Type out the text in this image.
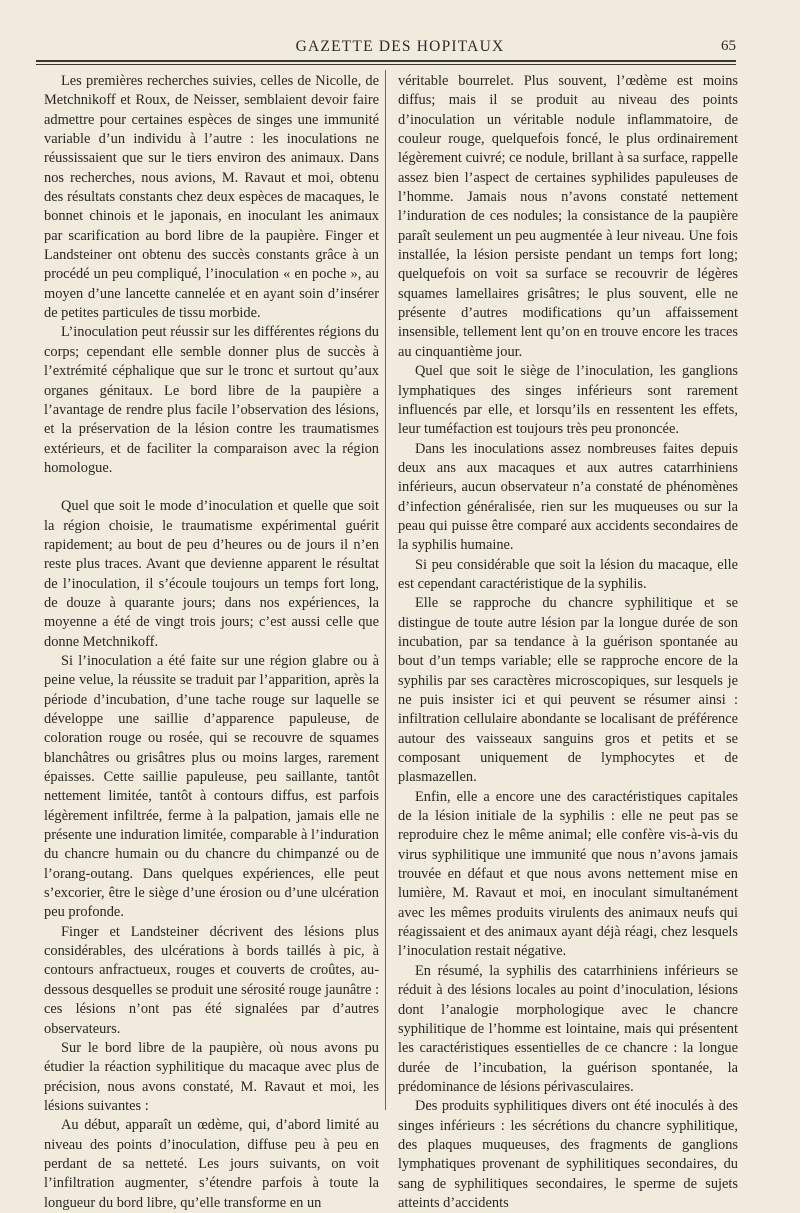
GAZETTE DES HOPITAUX	65

Les premières recherches suivies, celles de Nicolle, de Metchnikoff et Roux, de Neisser, semblaient devoir faire admettre pour certaines espèces de singes une immunité variable d’un individu à l’autre : les inoculations ne réussissaient que sur le tiers environ des animaux. Dans nos recherches, nous avions, M. Ravaut et moi, obtenu des résultats constants chez deux espèces de macaques, le bonnet chinois et le japonais, en inoculant les animaux par scarification au bord libre de la paupière. Finger et Landsteiner ont obtenu des succès constants grâce à un procédé un peu compliqué, l’inoculation « en poche », au moyen d’une lancette cannelée et en ayant soin d’insérer de petites particules de tissu morbide.

L’inoculation peut réussir sur les différentes régions du corps; cependant elle semble donner plus de succès à l’extrémité céphalique que sur le tronc et surtout qu’aux organes génitaux. Le bord libre de la paupière a l’avantage de rendre plus facile l’observation des lésions, et la préservation de la lésion contre les traumatismes extérieurs, et de faciliter la comparaison avec la région homologue.

Quel que soit le mode d’inoculation et quelle que soit la région choisie, le traumatisme expérimental guérit rapidement; au bout de peu d’heures ou de jours il n’en reste plus traces. Avant que devienne apparent le résultat de l’inoculation, il s’écoule toujours un temps fort long, de douze à quarante jours; dans nos expériences, la moyenne a été de vingt trois jours; c’est aussi celle que donne Metchnikoff.

Si l’inoculation a été faite sur une région glabre ou à peine velue, la réussite se traduit par l’apparition, après la période d’incubation, d’une tache rouge sur laquelle se développe une saillie d’apparence papuleuse, de coloration rouge ou rosée, qui se recouvre de squames blanchâtres ou grisâtres plus ou moins larges, rarement épaisses. Cette saillie papuleuse, peu saillante, tantôt nettement limitée, tantôt à contours diffus, est parfois légèrement infiltrée, ferme à la palpation, jamais elle ne présente une induration limitée, comparable à l’induration du chancre humain ou du chancre du chimpanzé ou de l’orang-outang. Dans quelques expériences, elle peut s’excorier, être le siège d’une érosion ou d’une ulcération peu profonde.

Finger et Landsteiner décrivent des lésions plus considérables, des ulcérations à bords taillés à pic, à contours anfractueux, rouges et couverts de croûtes, au-dessous desquelles se produit une sérosité rouge jaunâtre : ces lésions n’ont pas été signalées par d’autres observateurs.

Sur le bord libre de la paupière, où nous avons pu étudier la réaction syphilitique du macaque avec plus de précision, nous avons constaté, M. Ravaut et moi, les lésions suivantes :

Au début, apparaît un œdème, qui, d’abord limité au niveau des points d’inoculation, diffuse peu à peu en perdant de sa netteté. Les jours suivants, on voit l’infiltration augmenter, s’étendre parfois à toute la longueur du bord libre, qu’elle transforme en un

véritable bourrelet. Plus souvent, l’œdème est moins diffus; mais il se produit au niveau des points d’inoculation un véritable nodule inflammatoire, de couleur rouge, quelquefois foncé, le plus ordinairement légèrement cuivré; ce nodule, brillant à sa surface, rappelle assez bien l’aspect de certaines syphilides papuleuses de l’homme. Jamais nous n’avons constaté nettement l’induration de ces nodules; la consistance de la paupière paraît seulement un peu augmentée à leur niveau. Une fois installée, la lésion persiste pendant un temps fort long; quelquefois on voit sa surface se recouvrir de légères squames lamellaires grisâtres; le plus souvent, elle ne présente d’autres modifications qu’un affaissement insensible, tellement lent qu’on en trouve encore les traces au cinquantième jour.

Quel que soit le siège de l’inoculation, les ganglions lymphatiques des singes inférieurs sont rarement influencés par elle, et lorsqu’ils en ressentent les effets, leur tuméfaction est toujours très peu prononcée.

Dans les inoculations assez nombreuses faites depuis deux ans aux macaques et aux autres catarrhiniens inférieurs, aucun observateur n’a constaté de phénomènes d’infection généralisée, rien sur les muqueuses ou sur la peau qui puisse être comparé aux accidents secondaires de la syphilis humaine.

Si peu considérable que soit la lésion du macaque, elle est cependant caractéristique de la syphilis.

Elle se rapproche du chancre syphilitique et se distingue de toute autre lésion par la longue durée de son incubation, par sa tendance à la guérison spontanée au bout d’un temps variable; elle se rapproche encore de la syphilis par ses caractères microscopiques, sur lesquels je ne puis insister ici et qui peuvent se résumer ainsi : infiltration cellulaire abondante se localisant de préférence autour des vaisseaux sanguins gros et petits et se composant uniquement de lymphocytes et de plasmazellen.

Enfin, elle a encore une des caractéristiques capitales de la lésion initiale de la syphilis : elle ne peut pas se reproduire chez le même animal; elle confère vis-à-vis du virus syphilitique une immunité que nous n’avons jamais trouvée en défaut et que nous avons nettement mise en lumière, M. Ravaut et moi, en inoculant simultanément avec les mêmes produits virulents des animaux neufs qui réagissaient et des animaux ayant déjà réagi, chez lesquels l’inoculation restait négative.

En résumé, la syphilis des catarrhiniens inférieurs se réduit à des lésions locales au point d’inoculation, lésions dont l’analogie morphologique avec le chancre syphilitique de l’homme est lointaine, mais qui présentent les caractéristiques essentielles de ce chancre : la longue durée de l’incubation, la guérison spontanée, la prédominance de lésions périvasculaires.

Des produits syphilitiques divers ont été inoculés à des singes inférieurs : les sécrétions du chancre syphilitique, des plaques muqueuses, des fragments de ganglions lymphatiques provenant de syphilitiques secondaires, du sang de syphilitiques secondaires, le sperme de sujets atteints d’accidents
